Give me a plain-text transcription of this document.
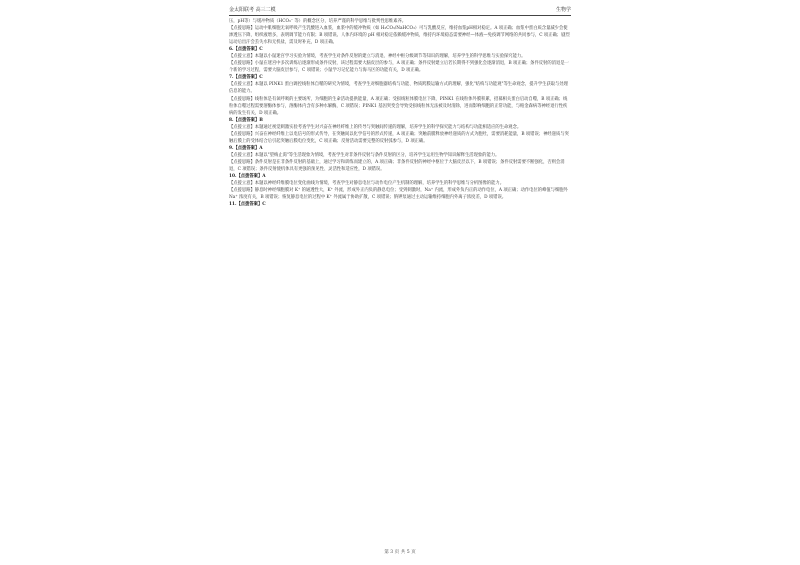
金太阳联考 高三二模	生物学
压，pH等）与缓冲物质（HCO₃⁻ 等）的概念区分，培养严谨的科学思维与批判性思维素养。
【点拨思路】运动中肌细胞无氧呼吸产生乳酸进入血浆，血浆中的缓冲物质（如 H₂CO₃/NaHCO₃）可与乳酸反应，维持血浆pH相对稳定。A 项正确；血浆中蛋白质含量减少会使渗透压下降，组织液增多，表明调节能力有限；B 项错误。人体内环境的 pH 相对稳定依赖缓冲物质，维持内环境稳态需要神经—体液—免疫调节网络的共同参与，C 项正确；剧烈运动后出汗会丢失水和无机盐，需及时补充，D 项正确。
6.【点拨答案】C
【点拨立意】本题以小鼠迷宫学习实验为情境，考查学生对条件反射的建立与消退、神经中枢分级调节等知识的理解，培养学生的科学思维与实验探究能力。
【点拨思路】小鼠在迷宫中多次训练后逐渐形成条件反射，该过程需要大脑皮层的参与，A 项正确；条件反射建立后若长期得不到强化会逐渐消退，B 项正确；条件反射的消退是一个新的学习过程，需要大脑皮层参与，C 项错误；小鼠学习记忆能力与海马区的功能有关，D 项正确。
7.【点拨答案】C
【点拨立意】本题以 PINK1 蛋白调控线粒体自噬的研究为情境，考查学生对细胞器结构与功能、物质跨膜运输方式的理解，强化"结构与功能观"等生命观念，提升学生获取与处理信息的能力。
【点拨思路】线粒体是有氧呼吸的主要场所，为细胞的生命活动提供能量，A 项正确；受损线粒体膜电位下降，PINK1 在线粒体外膜积累，招募相关蛋白启动自噬，B 项正确；线粒体自噬过程需要溶酶体参与，溶酶体内含有多种水解酶，C 项错误；PINK1 基因突变会导致受损线粒体无法被及时清除，进而影响细胞的正常功能，与帕金森病等神经退行性疾病的发生有关，D 项正确。
8.【点拨答案】B
【点拨立意】本题通过视觉刺激实验考查学生对兴奋在神经纤维上的传导与突触间传递的理解，培养学生的科学探究能力与结构与功能相适应的生命观念。
【点拨思路】兴奋在神经纤维上以电信号的形式传导，在突触间以化学信号的形式传递，A 项正确；突触前膜释放神经递质的方式为胞吐，需要消耗能量，B 项错误；神经递质与突触后膜上的受体结合后引起突触后膜电位变化，C 项正确；反射活动需要完整的反射弧参与，D 项正确。
9.【点拨答案】A
【点拨立意】本题以"望梅止渴"等生活现象为情境，考查学生对非条件反射与条件反射的区分，培养学生运用生物学知识解释生活现象的能力。
【点拨思路】条件反射是在非条件反射的基础上，通过学习和训练而建立的，A 项正确；非条件反射的神经中枢位于大脑皮层以下，B 项错误；条件反射需要不断强化，否则会消退，C 项错误；条件反射使机体具有更强的预见性、灵活性和适应性，D 项错误。
10.【点拨答案】A
【点拨立意】本题以神经纤维膜电位变化曲线为情境，考查学生对静息电位与动作电位产生机制的理解，培养学生的科学思维与分析图像的能力。
【点拨思路】静息时神经细胞膜对 K⁺ 的通透性大，K⁺ 外流，形成外正内负的静息电位；受到刺激时，Na⁺ 内流，形成外负内正的动作电位，A 项正确；动作电位的峰值与细胞外 Na⁺ 浓度有关，B 项错误；恢复静息电位的过程中 K⁺ 外流属于协助扩散，C 项错误；钠钾泵通过主动运输维持细胞内外离子浓度差，D 项错误。
11.【点拨答案】C
第 3 页 共 5 页
